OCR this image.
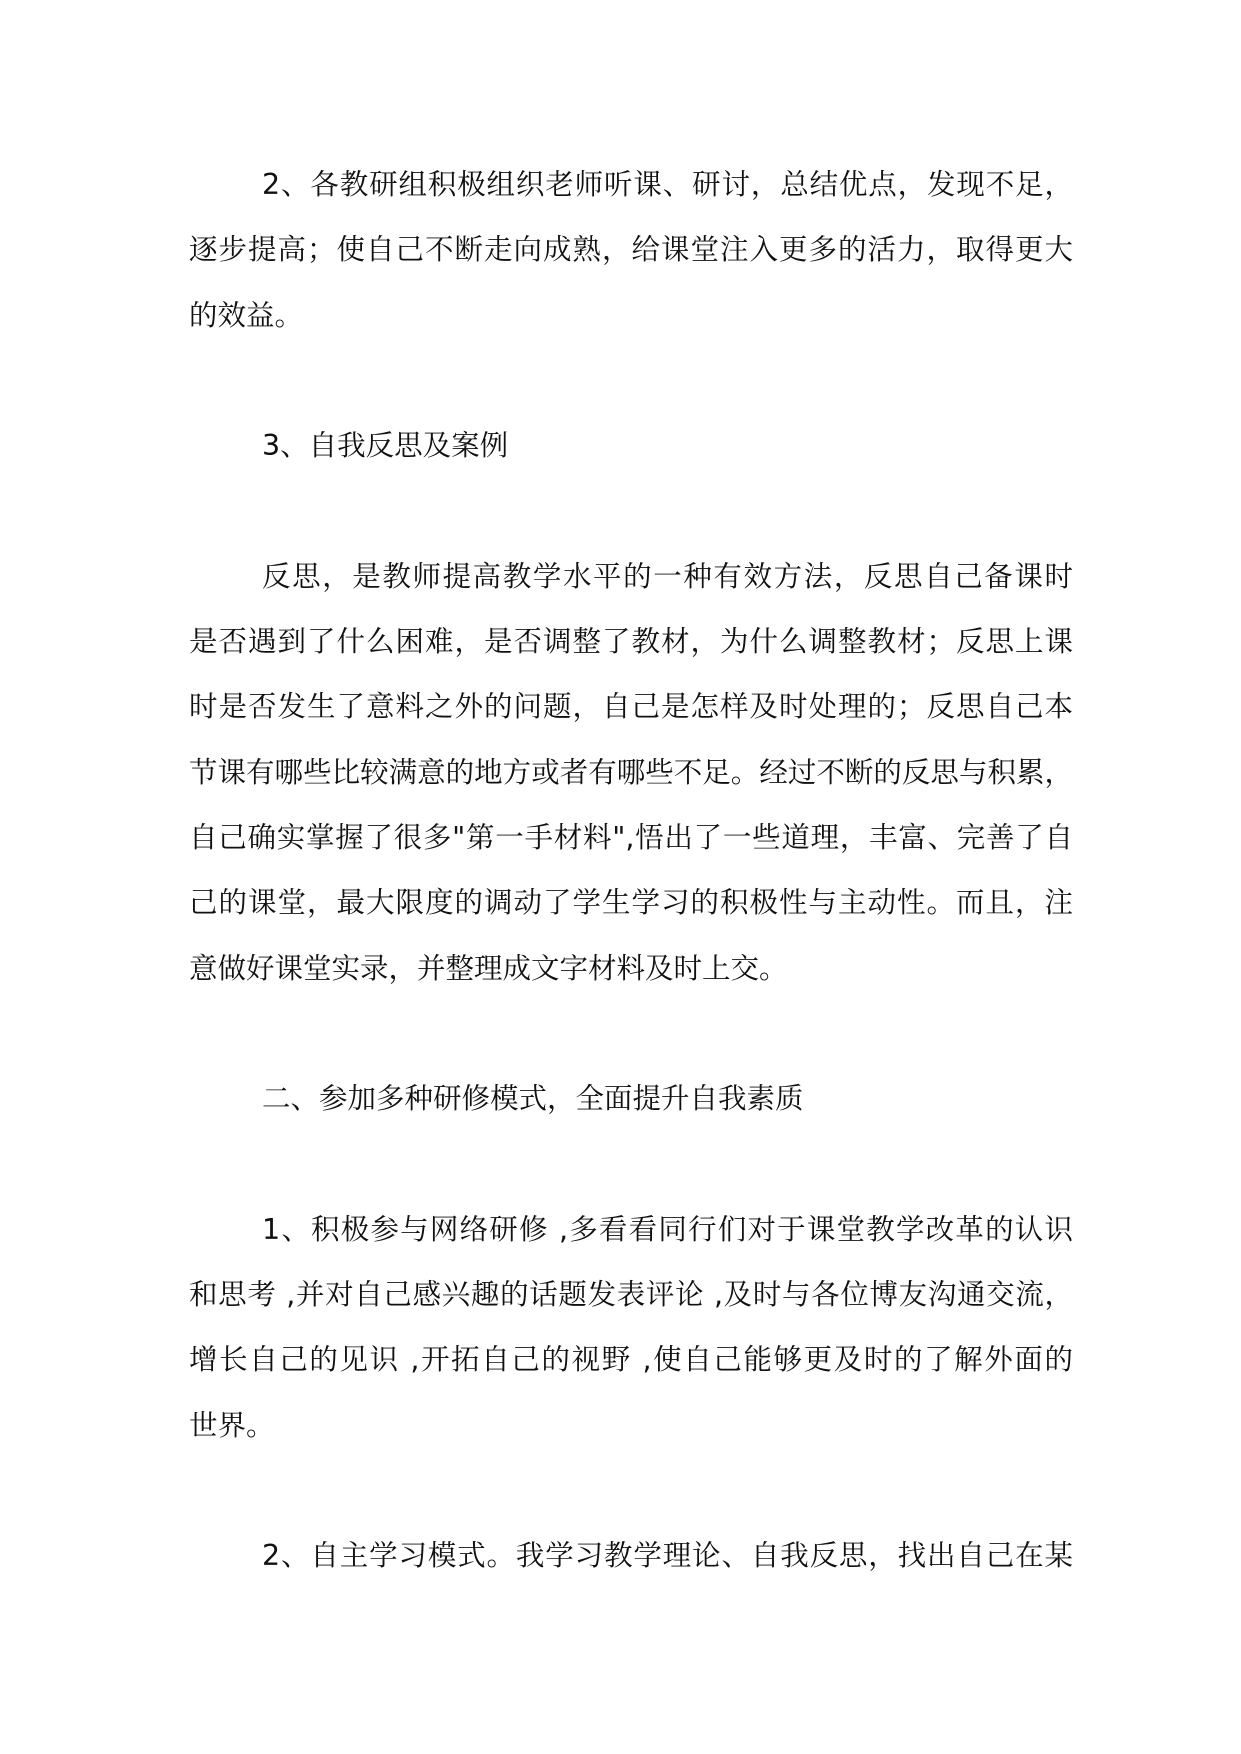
2、各教研组积极组织老师听课、研讨，总结优点，发现不足，
逐步提高；使自己不断走向成熟，给课堂注入更多的活力，取得更大
的效益。
3、自我反思及案例
反思，是教师提高教学水平的一种有效方法，反思自己备课时
是否遇到了什么困难，是否调整了教材，为什么调整教材；反思上课
时是否发生了意料之外的问题，自己是怎样及时处理的；反思自己本
节课有哪些比较满意的地方或者有哪些不足。经过不断的反思与积累，
自己确实掌握了很多"第一手材料",悟出了一些道理，丰富、完善了自
己的课堂，最大限度的调动了学生学习的积极性与主动性。而且，注
意做好课堂实录，并整理成文字材料及时上交。
二、参加多种研修模式，全面提升自我素质
1、积极参与网络研修 ,多看看同行们对于课堂教学改革的认识
和思考 ,并对自己感兴趣的话题发表评论 ,及时与各位博友沟通交流，
增长自己的见识 ,开拓自己的视野 ,使自己能够更及时的了解外面的
世界。
2、自主学习模式。我学习教学理论、自我反思，找出自己在某
